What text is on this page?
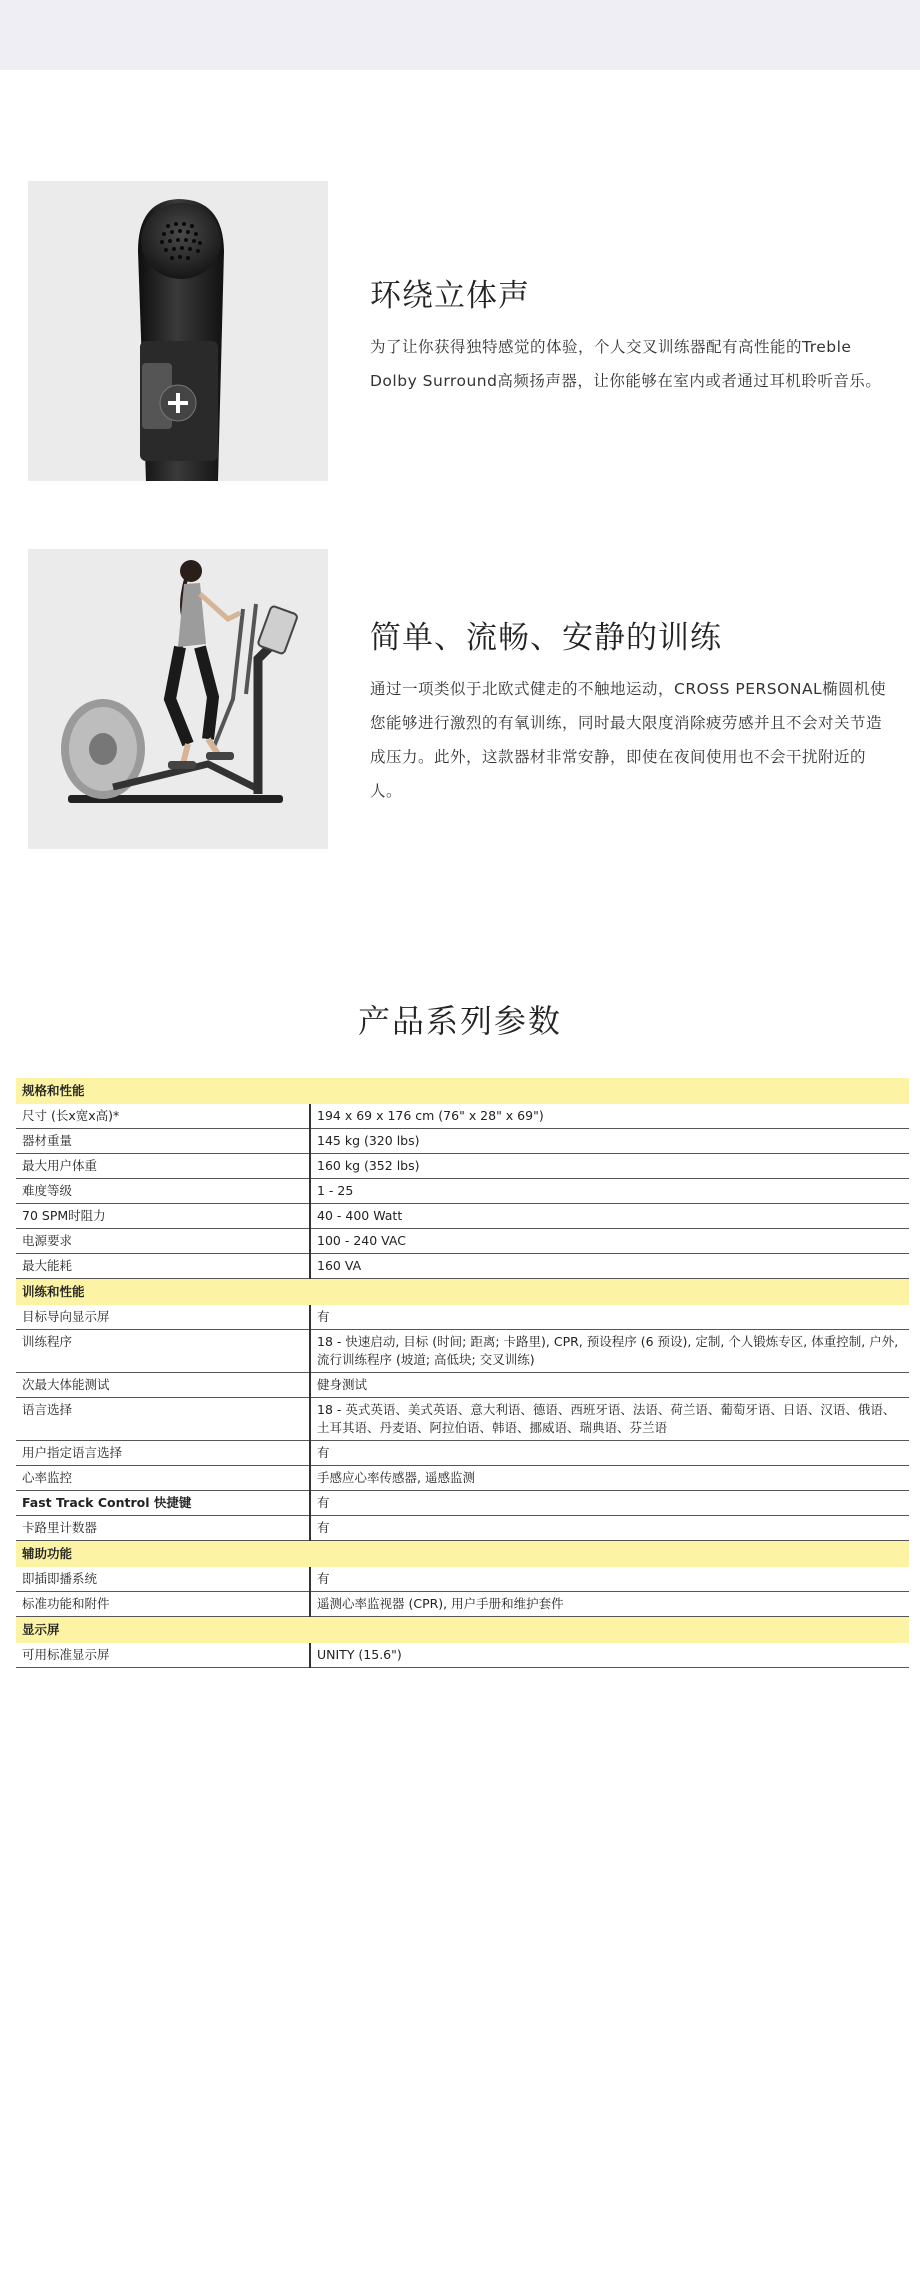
环绕立体声

为了让你获得独特感觉的体验，个人交叉训练器配有高性能的Treble Dolby Surround高频扬声器，让你能够在室内或者通过耳机聆听音乐。

简单、流畅、安静的训练

通过一项类似于北欧式健走的不触地运动，CROSS PERSONAL椭圆机使您能够进行激烈的有氧训练，同时最大限度消除疲劳感并且不会对关节造成压力。此外，这款器材非常安静，即使在夜间使用也不会干扰附近的人。

产品系列参数
规格和性能	
尺寸 (长x宽x高)*	194 x 69 x 176 cm (76" x 28" x 69")
器材重量	145 kg (320 lbs)
最大用户体重	160 kg (352 lbs)
难度等级	1 - 25
70 SPM时阻力	40 - 400 Watt
电源要求	100 - 240 VAC
最大能耗	160 VA
训练和性能	
目标导向显示屏	有
训练程序	18 - 快速启动, 目标 (时间; 距离; 卡路里), CPR, 预设程序 (6 预设), 定制, 个人锻炼专区, 体重控制, 户外, 流行训练程序 (坡道; 高低块; 交叉训练)
次最大体能测试	健身测试
语言选择	18 - 英式英语、美式英语、意大利语、德语、西班牙语、法语、荷兰语、葡萄牙语、日语、汉语、俄语、土耳其语、丹麦语、阿拉伯语、韩语、挪威语、瑞典语、芬兰语
用户指定语言选择	有
心率监控	手感应心率传感器, 遥感监测
Fast Track Control 快捷键	有
卡路里计数器	有
辅助功能	
即插即播系统	有
标准功能和附件	遥测心率监视器 (CPR), 用户手册和维护套件
显示屏	
可用标准显示屏	UNITY (15.6")
